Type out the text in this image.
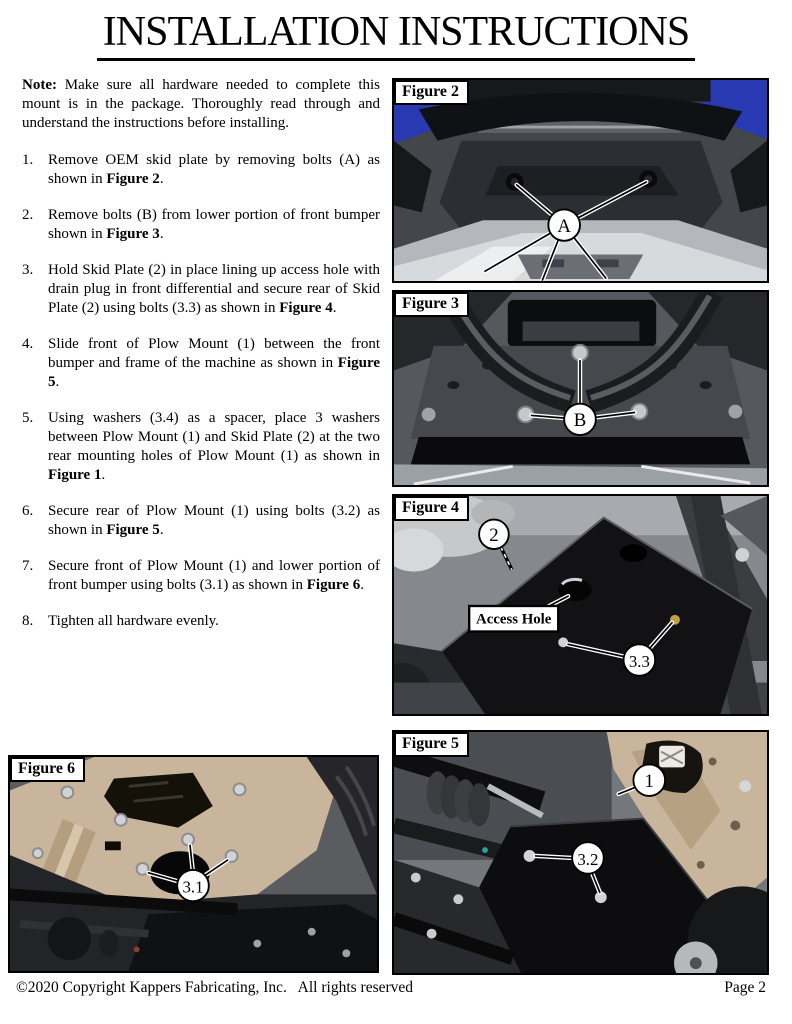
INSTALLATION INSTRUCTIONS

Note: Make sure all hardware needed to complete this mount is in the package. Thoroughly read through and understand the instructions before installing.

1. Remove OEM skid plate by removing bolts (A) as shown in Figure 2.
2. Remove bolts (B) from lower portion of front bumper shown in Figure 3.
3. Hold Skid Plate (2) in place lining up access hole with drain plug in front differential and secure rear of Skid Plate (2) using bolts (3.3) as shown in Figure 4.
4. Slide front of Plow Mount (1) between the front bumper and frame of the machine as shown in Figure 5.
5. Using washers (3.4) as a spacer, place 3 washers between Plow Mount (1) and Skid Plate (2) at the two rear mounting holes of Plow Mount (1) as shown in Figure 1.
6. Secure rear of Plow Mount (1) using bolts (3.2) as shown in Figure 5.
7. Secure front of Plow Mount (1) and lower portion of front bumper using bolts (3.1) as shown in Figure 6.
8. Tighten all hardware evenly.
A
Figure 2
B
Figure 3
2
Access Hole
3.3
Figure 4
1
3.2
Figure 5
3.1
Figure 6
©2020 Copyright Kappers Fabricating, Inc.   All rights reserved	Page 2
